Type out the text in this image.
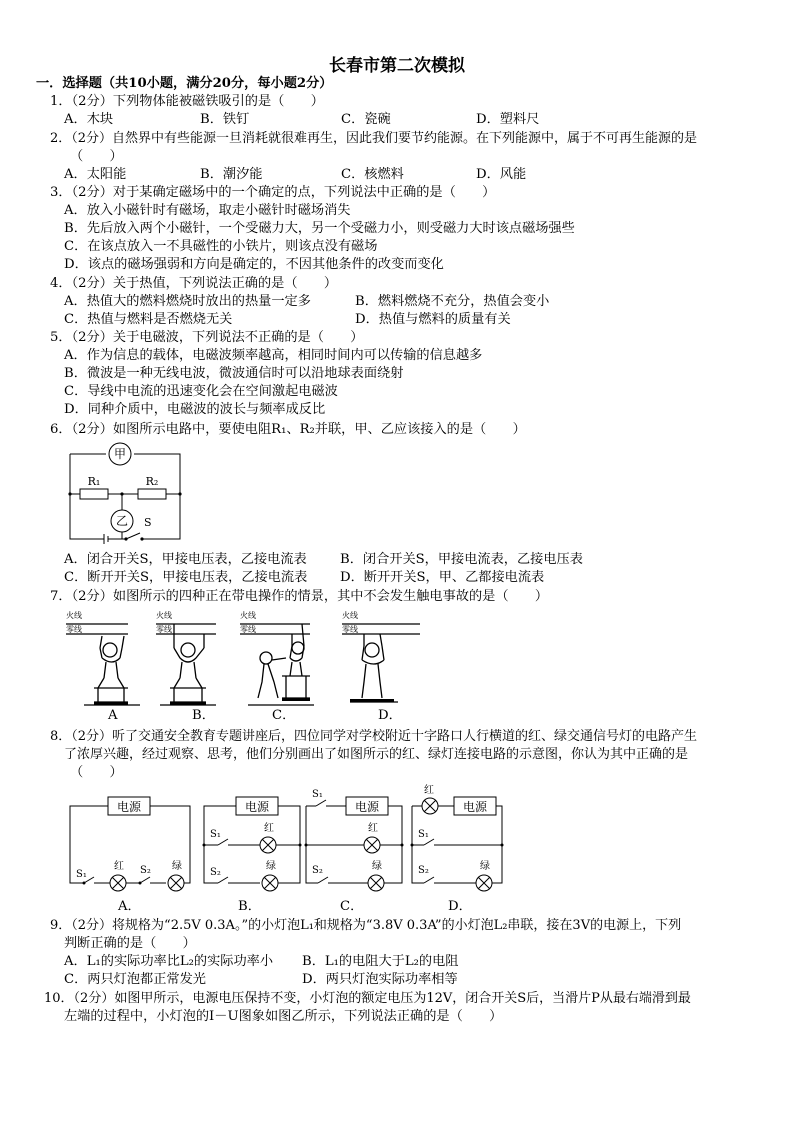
长春市第二次模拟
一．选择题（共10小题，满分20分，每小题2分）
1．（2分）下列物体能被磁铁吸引的是（　　）
A．木块	B．铁钉	C．瓷碗	D．塑料尺
2．（2分）自然界中有些能源一旦消耗就很难再生，因此我们要节约能源。在下列能源中，属于不可再生能源的是
（　　）
A．太阳能	B．潮汐能	C．核燃料	D．风能
3．（2分）对于某确定磁场中的一个确定的点，下列说法中正确的是（　　）
A．放入小磁针时有磁场，取走小磁针时磁场消失
B．先后放入两个小磁针，一个受磁力大，另一个受磁力小，则受磁力大时该点磁场强些
C．在该点放入一不具磁性的小铁片，则该点没有磁场
D．该点的磁场强弱和方向是确定的，不因其他条件的改变而变化
4．（2分）关于热值，下列说法正确的是（　　）
A．热值大的燃料燃烧时放出的热量一定多	B．燃料燃烧不充分，热值会变小
C．热值与燃料是否燃烧无关	D．热值与燃料的质量有关
5．（2分）关于电磁波，下列说法不正确的是（　　）
A．作为信息的载体，电磁波频率越高，相同时间内可以传输的信息越多
B．微波是一种无线电波，微波通信时可以沿地球表面绕射
C．导线中电流的迅速变化会在空间激起电磁波
D．同种介质中，电磁波的波长与频率成反比
6．（2分）如图所示电路中，要使电阻R₁、R₂并联，甲、乙应该接入的是（　　）
甲
乙
R₁	R₂
S
A．闭合开关S，甲接电压表，乙接电流表	B．闭合开关S，甲接电流表，乙接电压表
C．断开开关S，甲接电压表，乙接电流表 D．断开开关S，甲、乙都接电流表
7．（2分）如图所示的四种正在带电操作的情景，其中不会发生触电事故的是（　　）
火线
零线
火线
零线
火线
零线
火线
零线
A	B．	C．	D．
8．（2分）听了交通安全教育专题讲座后，四位同学对学校附近十字路口人行横道的红、绿交通信号灯的电路产生
了浓厚兴趣，经过观察、思考，他们分别画出了如图所示的红、绿灯连接电路的示意图，你认为其中正确的是
（　　）
电源
S₁
红 S₂ 绿
电源
S₁
S₂
红
绿
电源
S₁
S₂
红
绿
电源
红
S₁
S₂	绿
A．	B．	C．	D．
9．（2分）将规格为“2.5V 0.3A。”的小灯泡L₁和规格为“3.8V 0.3A”的小灯泡L₂串联，接在3V的电源上，下列
判断正确的是（　　）
A．L₁的实际功率比L₂的实际功率小 B．L₁的电阻大于L₂的电阻
C．两只灯泡都正常发光	D．两只灯泡实际功率相等
10．（2分）如图甲所示，电源电压保持不变，小灯泡的额定电压为12V，闭合开关S后，当滑片P从最右端滑到最
左端的过程中，小灯泡的I－U图象如图乙所示，下列说法正确的是（　　）
